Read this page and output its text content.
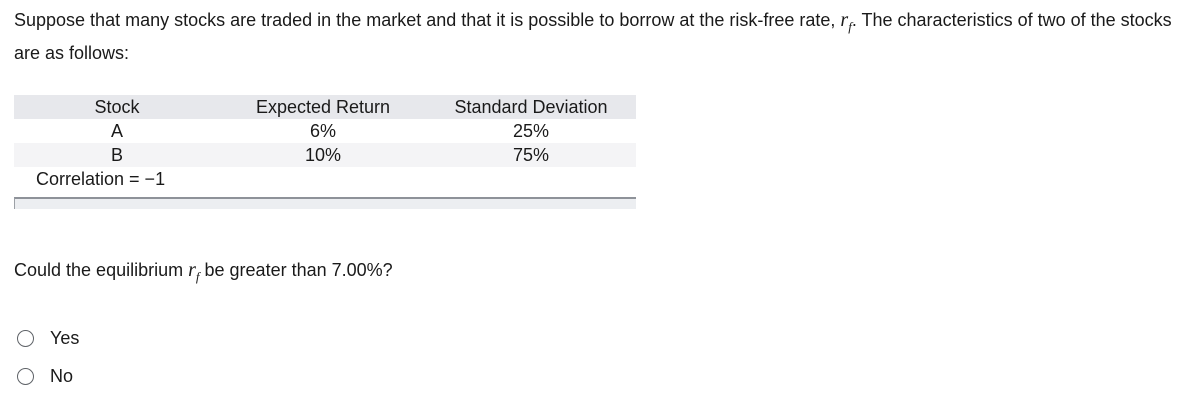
Suppose that many stocks are traded in the market and that it is possible to borrow at the risk-free rate, $r_f$. The characteristics of two of the stocks are as follows:
Stock	Expected Return	Standard Deviation
A	6%	25%
B	10%	75%
Correlation = −1		
Could the equilibrium $r_f$ be greater than 7.00%?
Yes
No
